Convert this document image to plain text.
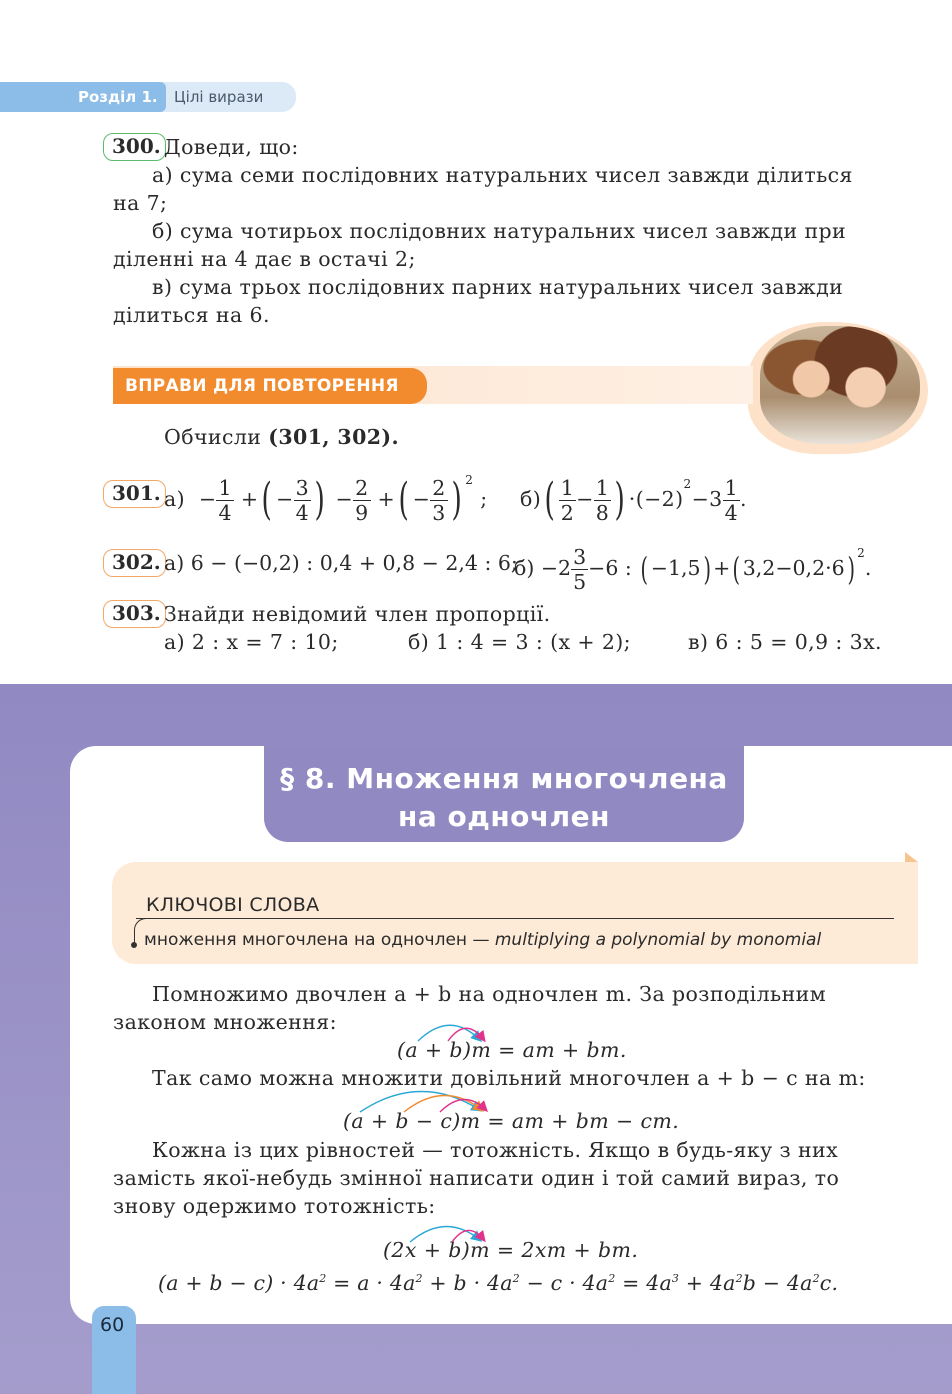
Розділ 1. Цілі вирази
300. Доведи, що:
а) сума семи послідовних натуральних чисел завжди ділиться
на 7;
б) сума чотирьох послідовних натуральних чисел завжди при
діленні на 4 дає в остачі 2;
в) сума трьох послідовних парних натуральних чисел завжди
ділиться на 6.
ВПРАВИ ДЛЯ ПОВТОРЕННЯ
Обчисли (301, 302).
301. $а) - \frac{1}{4}$ +( − $\frac{3}{4}$ ) − $\frac{2}{9}$ +( − $\frac{2}{3}$ ) $^2$ ; $б)( \frac{1}{2} - \frac{1}{8}$ ) $\cdot(-2)^2-3 \frac{1}{4}$ .
302. а) 6 − (−0,2) : 0,4 + 0,8 − 2,4 : 6;
$б) -2 \frac{3}{5} -6$ : ( −1,5) +( 3,2−0,2·6) $^2$.
303. Знайди невідомий член пропорції.
а) 2 : x = 7 : 10;	б) 1 : 4 = 3 : (x + 2);	в) 6 : 5 = 0,9 : 3x.
§ 8. Множення многочлена
на одночлен
КЛЮЧОВІ СЛОВА
множення многочлена на одночлен — multiplying a polynomial by monomial
Помножимо двочлен a + b на одночлен m. За розподільним
законом множення:
(a + b)m = am + bm.
Так само можна множити довільний многочлен a + b − c на m:
(a + b − c)m = am + bm − cm.
Кожна із цих рівностей — тотожність. Якщо в будь-яку з них
замість якої-небудь змінної написати один і той самий вираз, то
знову одержимо тотожність:
(2x + b)m = 2xm + bm.
$(a + b - c) \cdot 4a^2 = a \cdot 4a^2 + b \cdot 4a^2 - c \cdot 4a^2 = 4a^3 + 4a^2b - 4a^2c$.
60
